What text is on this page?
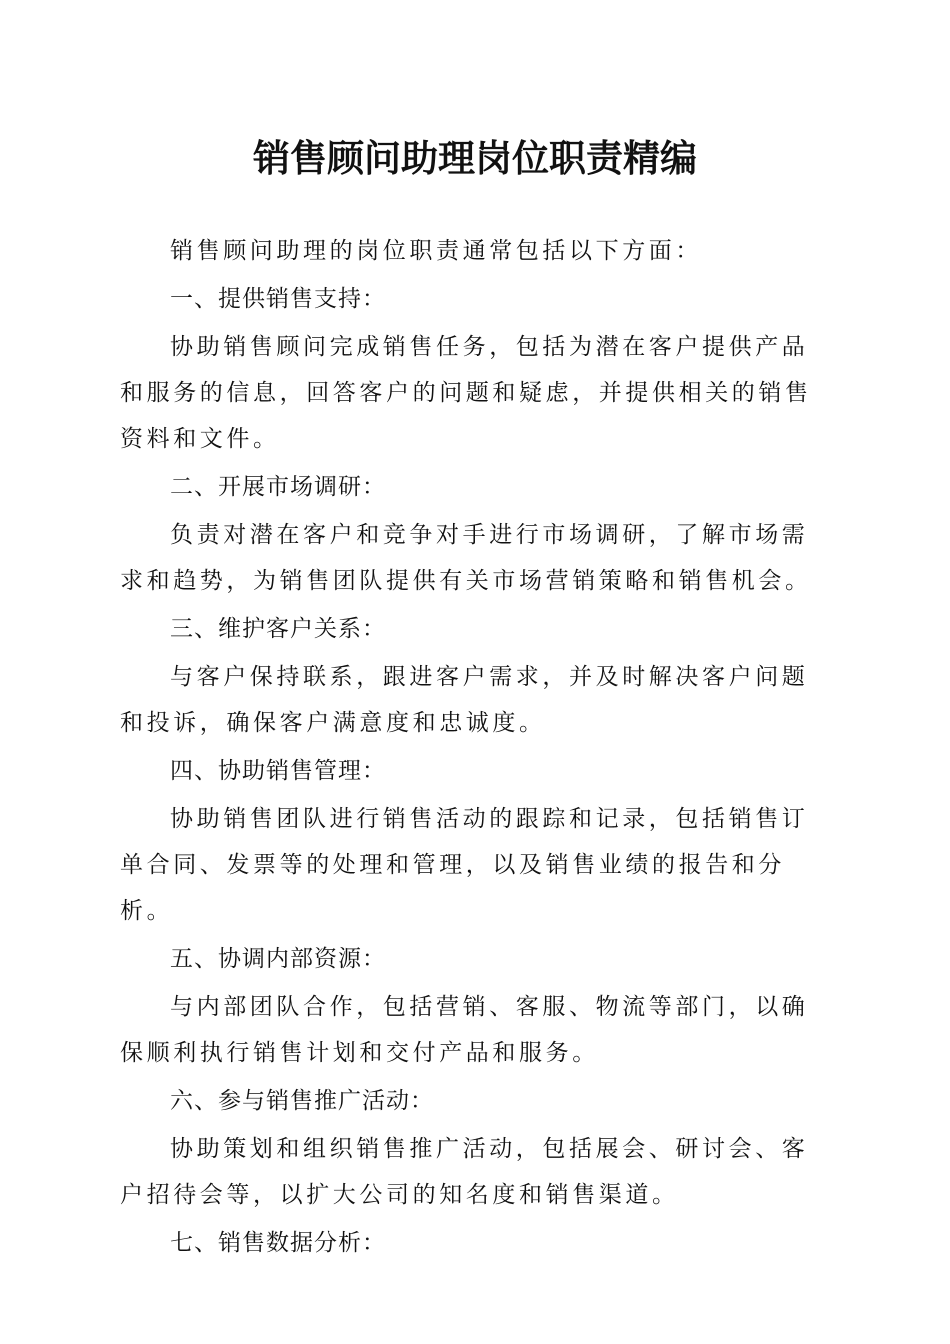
销售顾问助理岗位职责精编

销售顾问助理的岗位职责通常包括以下方面：

一、提供销售支持：

协助销售顾问完成销售任务，包括为潜在客户提供产品和服务的信息，回答客户的问题和疑虑，并提供相关的销售资料和文件。

二、开展市场调研：

负责对潜在客户和竞争对手进行市场调研，了解市场需求和趋势，为销售团队提供有关市场营销策略和销售机会。

三、维护客户关系：

与客户保持联系，跟进客户需求，并及时解决客户问题和投诉，确保客户满意度和忠诚度。

四、协助销售管理：

协助销售团队进行销售活动的跟踪和记录，包括销售订单合同、发票等的处理和管理，以及销售业绩的报告和分析。

五、协调内部资源：

与内部团队合作，包括营销、客服、物流等部门，以确保顺利执行销售计划和交付产品和服务。

六、参与销售推广活动：

协助策划和组织销售推广活动，包括展会、研讨会、客户招待会等，以扩大公司的知名度和销售渠道。

七、销售数据分析：
